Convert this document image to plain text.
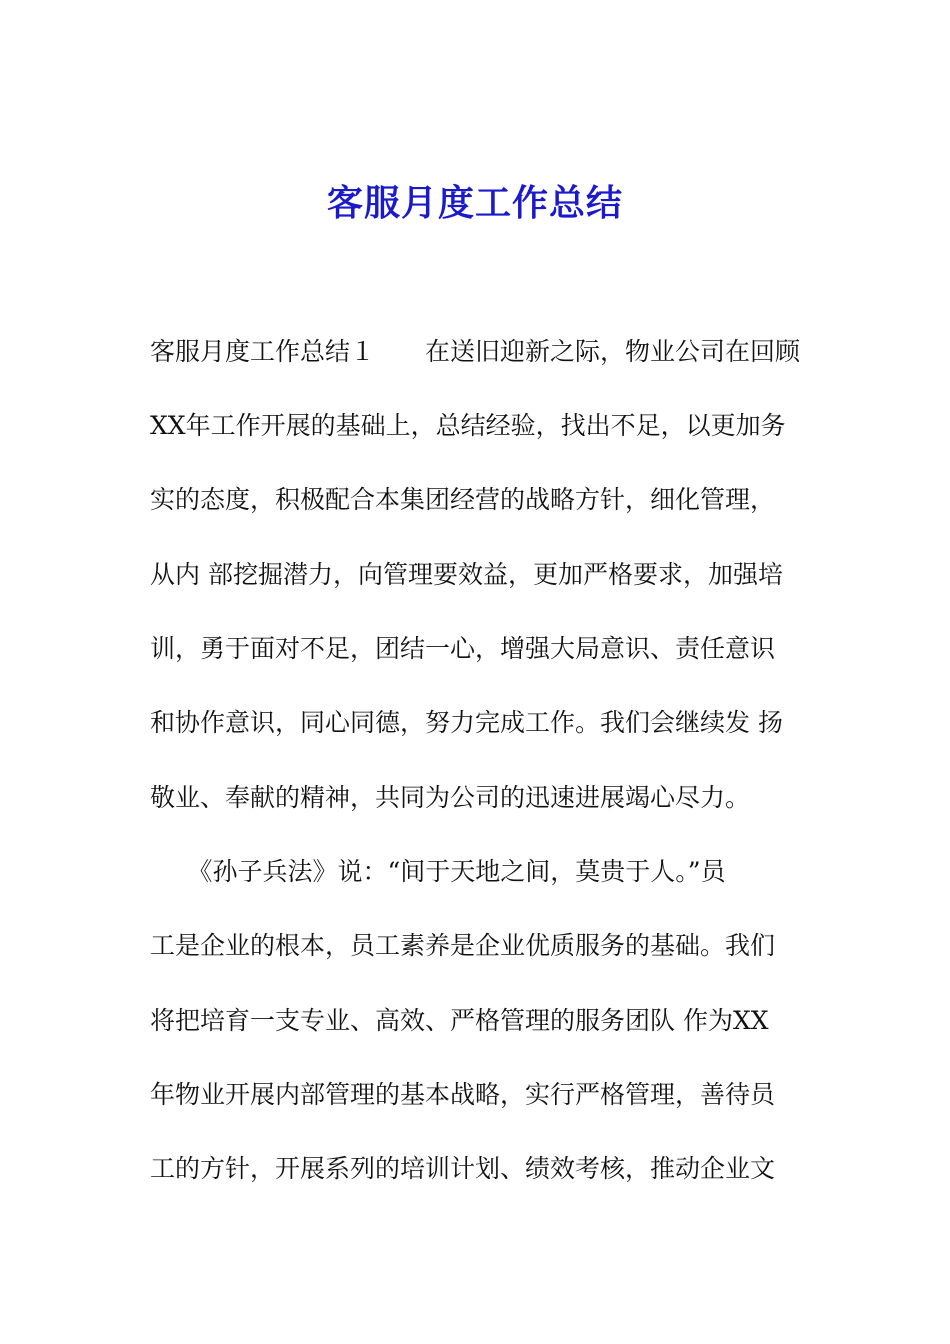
客服月度工作总结
客服月度工作总结１　　在送旧迎新之际，物业公司在回顾
XX年工作开展的基础上，总结经验，找出不足，以更加务
实的态度，积极配合本集团经营的战略方针，细化管理，
从内 部挖掘潜力，向管理要效益，更加严格要求，加强培
训，勇于面对不足，团结一心，增强大局意识、责任意识
和协作意识，同心同德，努力完成工作。我们会继续发 扬
敬业、奉献的精神，共同为公司的迅速进展竭心尽力。
　　《孙子兵法》说：“间于天地之间，莫贵于人。”员
工是企业的根本，员工素养是企业优质服务的基础。我们
将把培育一支专业、高效、严格管理的服务团队 作为XX
年物业开展内部管理的基本战略，实行严格管理，善待员
工的方针，开展系列的培训计划、绩效考核，推动企业文
